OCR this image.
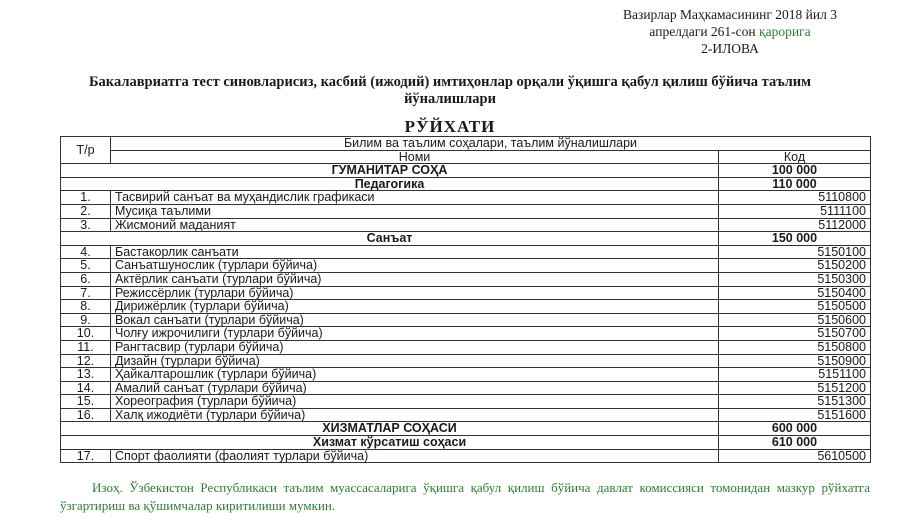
Вазирлар Маҳкамасининг 2018 йил 3
апрелдаги 261-сон қарорига
2-ИЛОВА
Бакалавриатга тест синовларисиз, касбий (ижодий) имтиҳонлар орқали ўқишга қабул қилиш бўйича таълим
йўналишлари
РЎЙХАТИ
Т/р	Билим ва таълим соҳалари, таълим йўналишлари	
	Номи	Код
ГУМАНИТАР СОҲА		100 000
Педагогика		110 000
1.	Тасвирий санъат ва муҳандислик графикаси	5110800
2.	Мусиқа таълими	5111100
3.	Жисмоний маданият	5112000
Санъат		150 000
4.	Бастакорлик санъати	5150100
5.	Санъатшунослик (турлари бўйича)	5150200
6.	Актёрлик санъати (турлари бўйича)	5150300
7.	Режиссёрлик (турлари бўйича)	5150400
8.	Дирижёрлик (турлари бўйича)	5150500
9.	Вокал санъати (турлари бўйича)	5150600
10.	Чолғу ижрочилиги (турлари бўйича)	5150700
11.	Рангтасвир (турлари бўйича)	5150800
12.	Дизайн (турлари бўйича)	5150900
13.	Ҳайкалтарошлик (турлари бўйича)	5151100
14.	Амалий санъат (турлари бўйича)	5151200
15.	Хореография (турлари бўйича)	5151300
16.	Халқ ижодиёти (турлари бўйича)	5151600
ХИЗМАТЛАР СОҲАСИ		600 000
Хизмат кўрсатиш соҳаси		610 000
17.	Спорт фаолияти (фаолият турлари бўйича)	5610500
Изоҳ. Ўзбекистон Республикаси таълим муассасаларига ўқишга қабул қилиш бўйича давлат комиссияси томонидан мазкур рўйхатга ўзгартириш ва қўшимчалар киритилиши мумкин.
